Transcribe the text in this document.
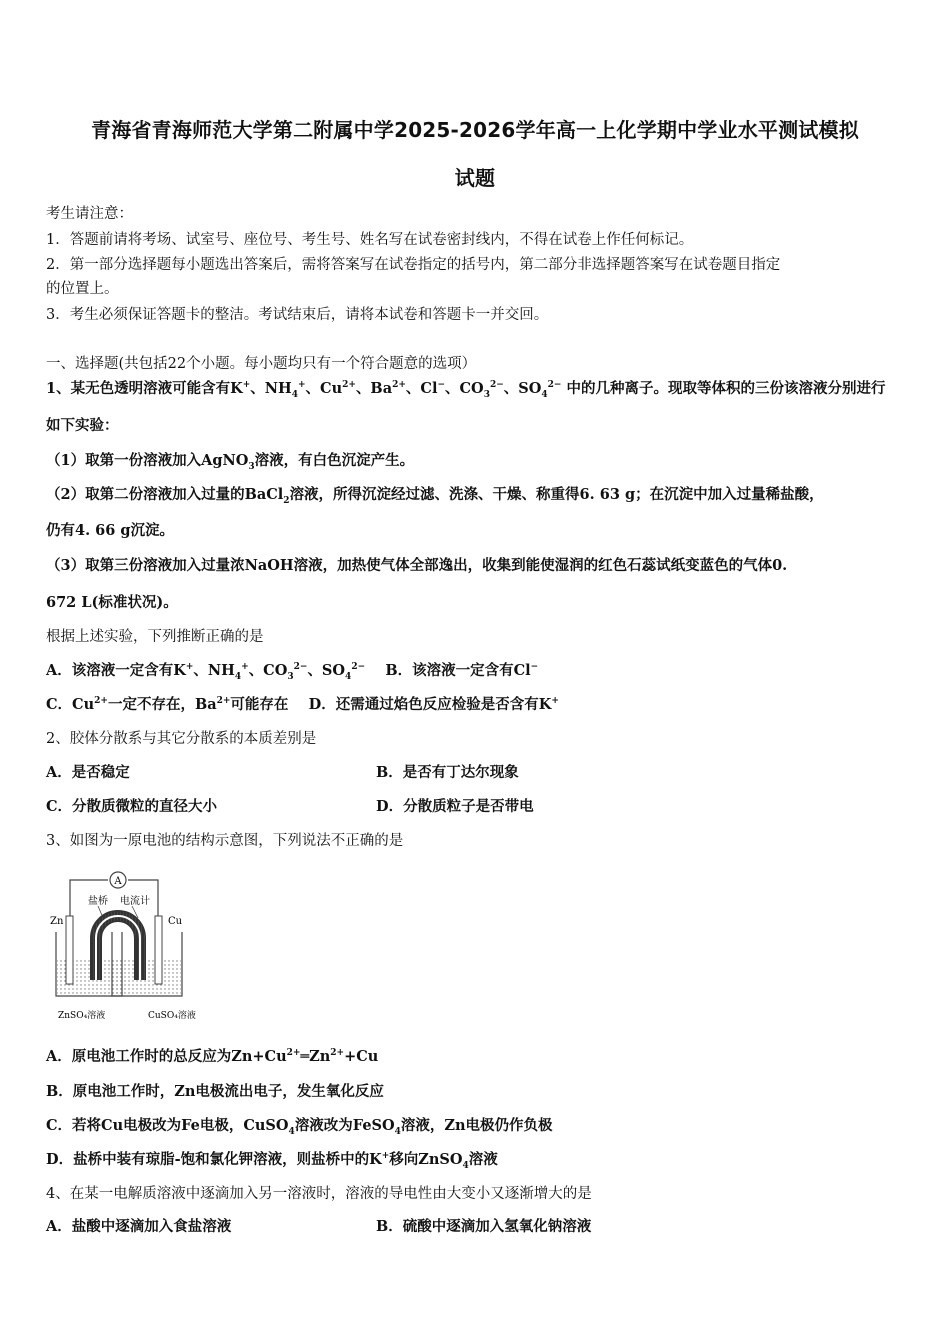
青海省青海师范大学第二附属中学2025-2026学年高一上化学期中学业水平测试模拟
试题
考生请注意：
1．答题前请将考场、试室号、座位号、考生号、姓名写在试卷密封线内，不得在试卷上作任何标记。
2．第一部分选择题每小题选出答案后，需将答案写在试卷指定的括号内，第二部分非选择题答案写在试卷题目指定
的位置上。
3．考生必须保证答题卡的整洁。考试结束后，请将本试卷和答题卡一并交回。
一、选择题(共包括22个小题。每小题均只有一个符合题意的选项）
1、某无色透明溶液可能含有K+、$NH_4^+$、$Cu^{2+}$、$Ba^{2+}$、Cl−、$CO_3^{2-}$、$SO_4^{2-}$ 中的几种离子。现取等体积的三份该溶液分别进行
如下实验：
（1）取第一份溶液加入AgNO$_3$溶液，有白色沉淀产生。
（2）取第二份溶液加入过量的BaCl$_2$溶液，所得沉淀经过滤、洗涤、干燥、称重得6. 63 g；在沉淀中加入过量稀盐酸，
仍有4. 66 g沉淀。
（3）取第三份溶液加入过量浓NaOH溶液，加热使气体全部逸出，收集到能使湿润的红色石蕊试纸变蓝色的气体0.
672 L(标准状况)。
根据上述实验，下列推断正确的是
A．该溶液一定含有K+、$NH_4^+$、$CO_3^{2-}$、$SO_4^{2-}$ B．该溶液一定含有Cl−
C．$Cu^{2+}$一定不存在，$Ba^{2+}$可能存在 D．还需通过焰色反应检验是否含有K+
2、胶体分散系与其它分散系的本质差别是
A．是否稳定	B．是否有丁达尔现象
C．分散质微粒的直径大小	D．分散质粒子是否带电
3、如图为一原电池的结构示意图，下列说法不正确的是
A
盐桥 电流计
Zn	Cu
ZnSO₄溶液	CuSO₄溶液
A．原电池工作时的总反应为$Zn+Cu^{2+}═Zn^{2+}+Cu$
B．原电池工作时，Zn电极流出电子，发生氧化反应
C．若将Cu电极改为Fe电极，CuSO$_4$溶液改为FeSO$_4$溶液，Zn电极仍作负极
D．盐桥中装有琼脂-饱和氯化钾溶液，则盐桥中的K+移向ZnSO$_4$溶液
4、在某一电解质溶液中逐滴加入另一溶液时，溶液的导电性由大变小又逐渐增大的是
A．盐酸中逐滴加入食盐溶液	B．硫酸中逐滴加入氢氧化钠溶液
